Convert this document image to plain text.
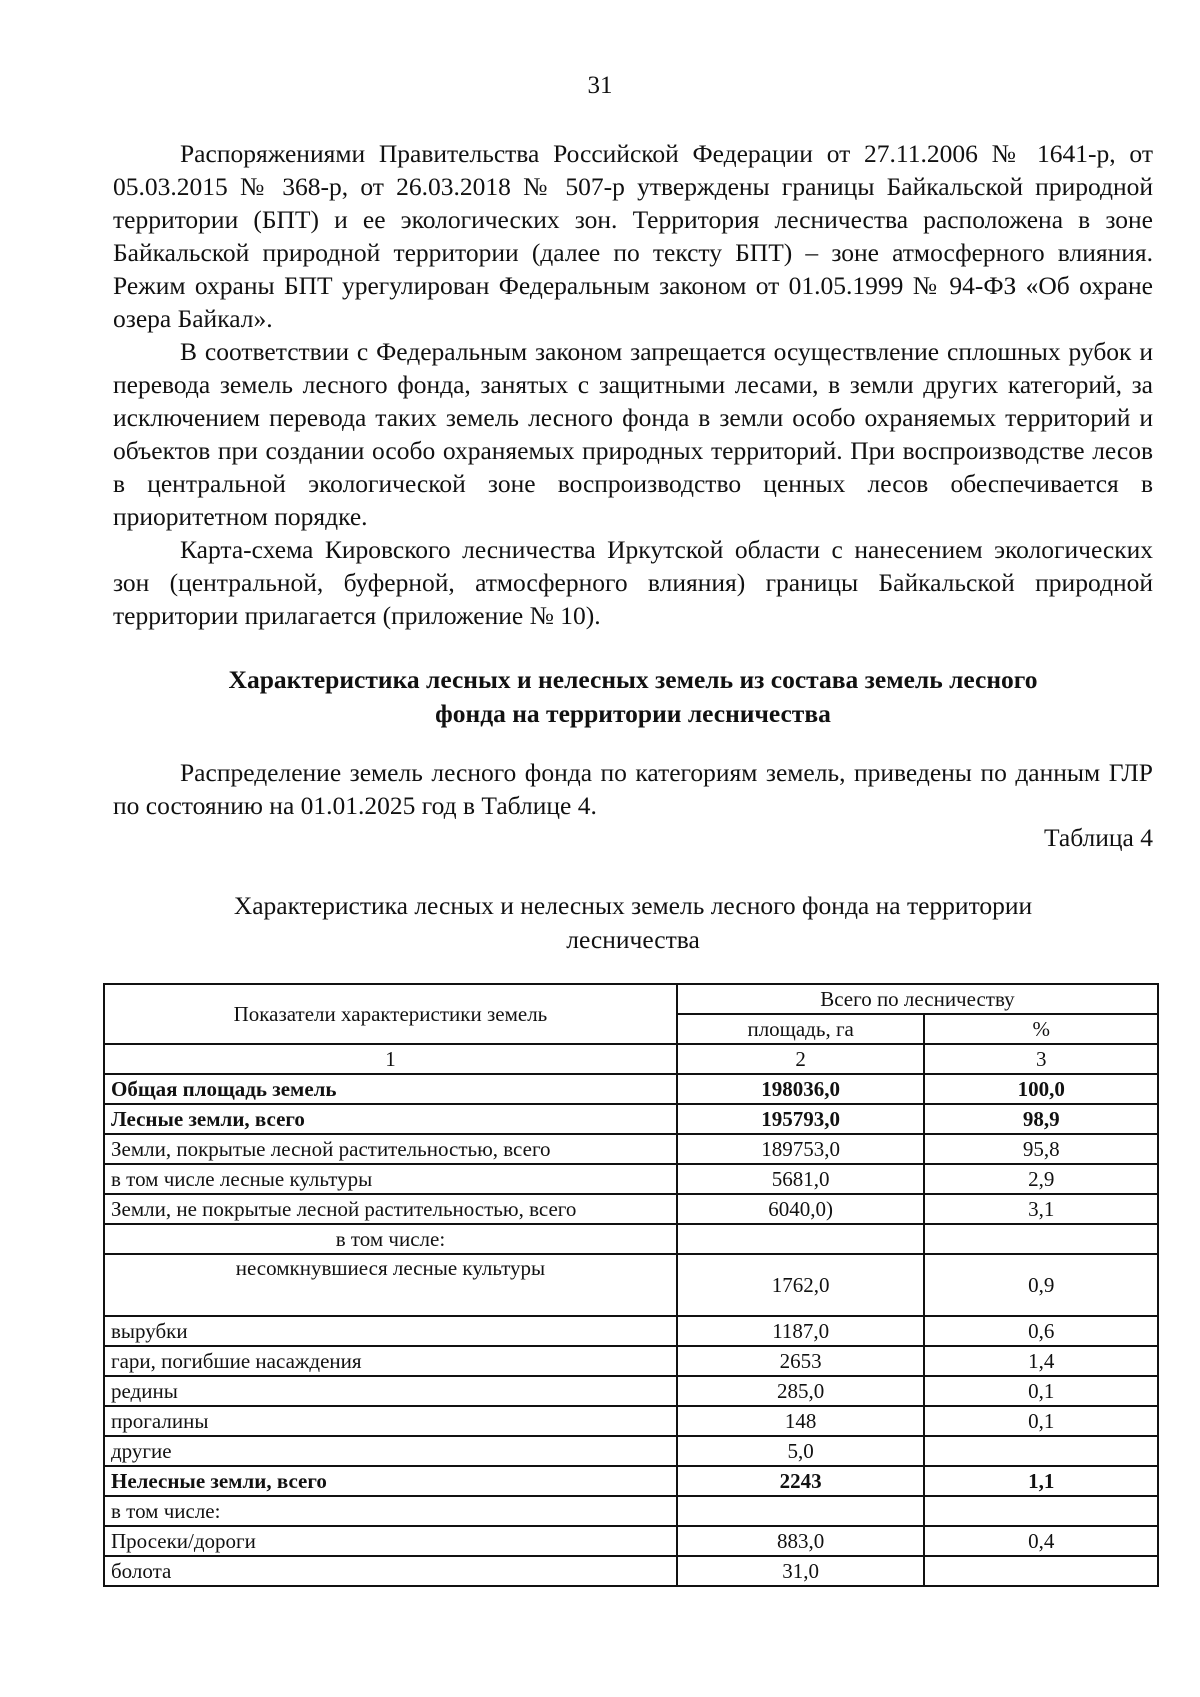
31

Распоряжениями Правительства Российской Федерации от 27.11.2006 № 1641-р, от 05.03.2015 № 368-р, от 26.03.2018 № 507-р утверждены границы Байкальской природной территории (БПТ) и ее экологических зон. Территория лесничества расположена в зоне Байкальской природной территории (далее по тексту БПТ) – зоне атмосферного влияния. Режим охраны БПТ урегулирован Федеральным законом от 01.05.1999 № 94-ФЗ «Об охране озера Байкал».

В соответствии с Федеральным законом запрещается осуществление сплошных рубок и перевода земель лесного фонда, занятых с защитными лесами, в земли других категорий, за исключением перевода таких земель лесного фонда в земли особо охраняемых территорий и объектов при создании особо охраняемых природных территорий. При воспроизводстве лесов в центральной экологической зоне воспроизводство ценных лесов обеспечивается в приоритетном порядке.

Карта-схема Кировского лесничества Иркутской области с нанесением экологических зон (центральной, буферной, атмосферного влияния) границы Байкальской природной территории прилагается (приложение № 10).

Характеристика лесных и нелесных земель из состава земель лесного
фонда на территории лесничества

Распределение земель лесного фонда по категориям земель, приведены по данным ГЛР по состоянию на 01.01.2025 год в Таблице 4.

Таблица 4
Характеристика лесных и нелесных земель лесного фонда на территории
лесничества
Показатели характеристики земель	Всего по лесничеству	
	площадь, га	%
1	2	3
Общая площадь земель	198036,0	100,0
Лесные земли, всего	195793,0	98,9
Земли, покрытые лесной растительностью, всего	189753,0	95,8
в том числе лесные культуры	5681,0	2,9
Земли, не покрытые лесной растительностью, всего	6040,0)	3,1
в том числе:		
несомкнувшиеся лесные культуры	1762,0	0,9
вырубки	1187,0	0,6
гари, погибшие насаждения	2653	1,4
редины	285,0	0,1
прогалины	148	0,1
другие	5,0	
Нелесные земли, всего	2243	1,1
в том числе:		
Просеки/дороги	883,0	0,4
болота	31,0	
